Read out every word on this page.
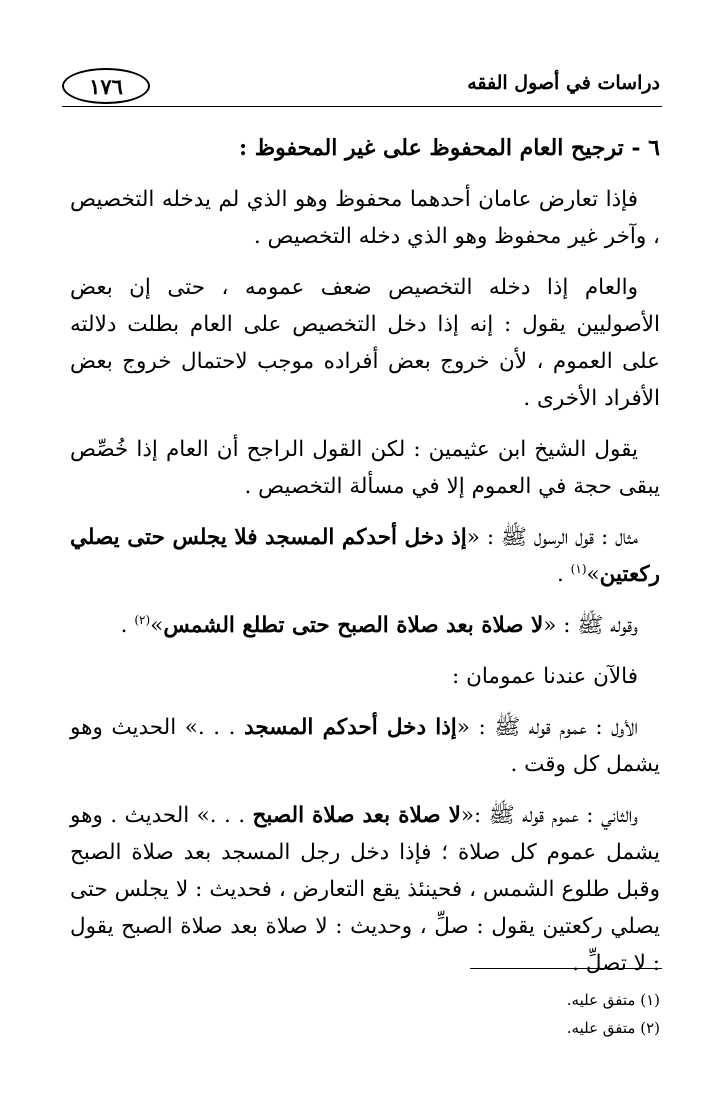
١٧٦	دراسات في أصول الفقه

٦ - ترجيح العام المحفوظ على غير المحفوظ :

فإذا تعارض عامان أحدهما محفوظ وهو الذي لم يدخله التخصيص ، وآخر غير محفوظ وهو الذي دخله التخصيص .

والعام إذا دخله التخصيص ضعف عمومه ، حتى إن بعض الأصوليين يقول : إنه إذا دخل التخصيص على العام بطلت دلالته على العموم ، لأن خروج بعض أفراده موجب لاحتمال خروج بعض الأفراد الأخرى .

يقول الشيخ ابن عثيمين : لكن القول الراجح أن العام إذا خُصِّص يبقى حجة في العموم إلا في مسألة التخصيص .

مثال : قول الرسول ﷺ : «إذ دخل أحدكم المسجد فلا يجلس حتى يصلي ركعتين»$^{(١)}$ .

وقوله ﷺ : «لا صلاة بعد صلاة الصبح حتى تطلع الشمس»$^{(٢)}$ .

فالآن عندنا عمومان :

الأول : عموم قوله ﷺ : «إذا دخل أحدكم المسجد . . .» الحديث وهو يشمل كل وقت .

والثاني : عموم قوله ﷺ :«لا صلاة بعد صلاة الصبح . . .» الحديث . وهو يشمل عموم كل صلاة ؛ فإذا دخل رجل المسجد بعد صلاة الصبح وقبل طلوع الشمس ، فحينئذ يقع التعارض ، فحديث : لا يجلس حتى يصلي ركعتين يقول : صلِّ ، وحديث : لا صلاة بعد صلاة الصبح يقول : لا تصلِّ .

(١) متفق عليه.

(٢) متفق عليه.
